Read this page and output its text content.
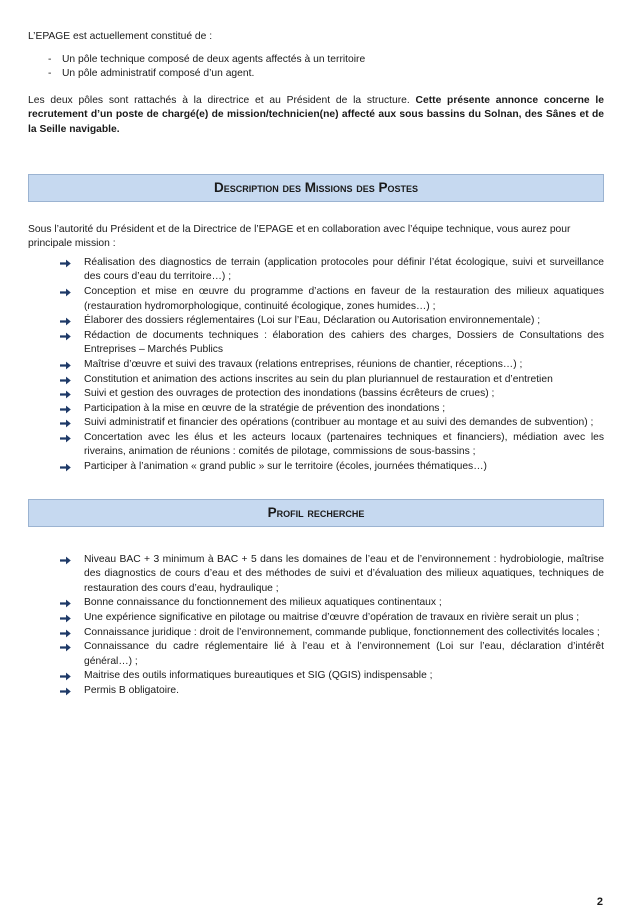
L’EPAGE est actuellement constitué de :

- Un pôle technique composé de deux agents affectés à un territoire
- Un pôle administratif composé d’un agent.

Les deux pôles sont rattachés à la directrice et au Président de la structure. Cette présente annonce concerne le recrutement d’un poste de chargé(e) de mission/technicien(ne) affecté aux sous bassins du Solnan, des Sânes et de la Seille navigable.

Description des Missions des Postes

Sous l’autorité du Président et de la Directrice de l’EPAGE et en collaboration avec l’équipe technique, vous aurez pour principale mission :

Réalisation des diagnostics de terrain (application protocoles pour définir l’état écologique, suivi et surveillance des cours d’eau du territoire…) ;
Conception et mise en œuvre du programme d’actions en faveur de la restauration des milieux aquatiques (restauration hydromorphologique, continuité écologique, zones humides…) ;
Élaborer des dossiers réglementaires (Loi sur l’Eau, Déclaration ou Autorisation environnementale) ;
Rédaction de documents techniques : élaboration des cahiers des charges, Dossiers de Consultations des Entreprises – Marchés Publics
Maîtrise d’œuvre et suivi des travaux (relations entreprises, réunions de chantier, réceptions…) ;
Constitution et animation des actions inscrites au sein du plan pluriannuel de restauration et d’entretien
Suivi et gestion des ouvrages de protection des inondations (bassins écrêteurs de crues) ;
Participation à la mise en œuvre de la stratégie de prévention des inondations ;
Suivi administratif et financier des opérations (contribuer au montage et au suivi des demandes de subvention) ;
Concertation avec les élus et les acteurs locaux (partenaires techniques et financiers), médiation avec les riverains, animation de réunions : comités de pilotage, commissions de sous-bassins ;
Participer à l’animation « grand public » sur le territoire (écoles, journées thématiques…)
Profil recherche
Niveau BAC + 3 minimum à BAC + 5 dans les domaines de l’eau et de l’environnement : hydrobiologie, maîtrise des diagnostics de cours d’eau et des méthodes de suivi et d’évaluation des milieux aquatiques, techniques de restauration des cours d’eau, hydraulique ;
Bonne connaissance du fonctionnement des milieux aquatiques continentaux ;
Une expérience significative en pilotage ou maitrise d’œuvre d’opération de travaux en rivière serait un plus ;
Connaissance juridique : droit de l’environnement, commande publique, fonctionnement des collectivités locales ;
Connaissance du cadre réglementaire lié à l’eau et à l’environnement (Loi sur l’eau, déclaration d’intérêt général…) ;
Maitrise des outils informatiques bureautiques et SIG (QGIS) indispensable ;
Permis B obligatoire.
2
